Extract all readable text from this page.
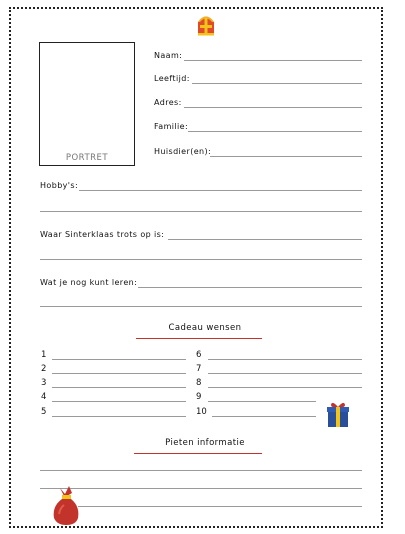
PORTRET
Naam:
Leeftijd:
Adres:
Familie:
Huisdier(en):
Hobby's:
Waar Sinterklaas trots op is:
Wat je nog kunt leren:
Cadeau wensen
1
2
3
4
5
6
7
8
9
10
Pieten informatie
